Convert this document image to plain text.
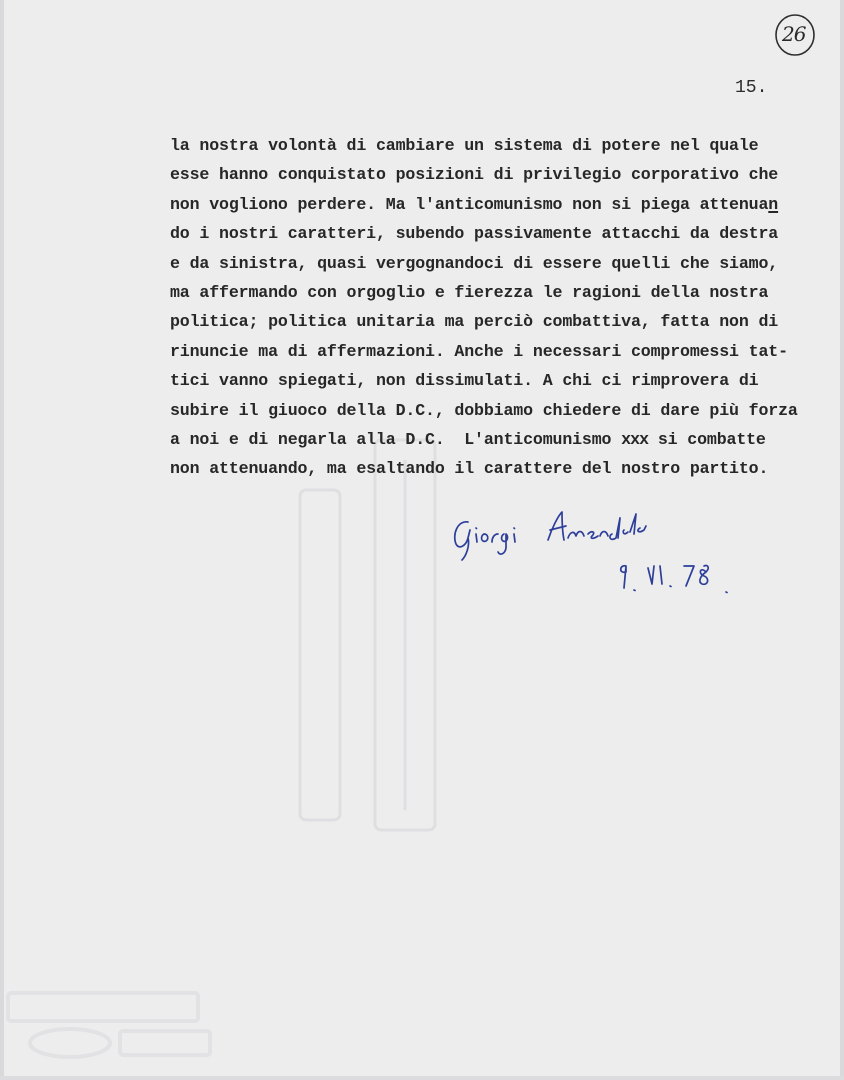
26
15.
la nostra volontà di cambiare un sistema di potere nel quale
esse hanno conquistato posizioni di privilegio corporativo che
non vogliono perdere. Ma l'anticomunismo non si piega attenuan
do i nostri caratteri, subendo passivamente attacchi da destra
e da sinistra, quasi vergognandoci di essere quelli che siamo,
ma affermando con orgoglio e fierezza le ragioni della nostra
politica; politica unitaria ma perciò combattiva, fatta non di
rinuncie ma di affermazioni. Anche i necessari compromessi tat-
tici vanno spiegati, non dissimulati. A chi ci rimprovera di
subire il giuoco della D.C., dobbiamo chiedere di dare più forza
a noi e di negarla alla D.C.  L'anticomunismo xxx si combatte
non attenuando, ma esaltando il carattere del nostro partito.
